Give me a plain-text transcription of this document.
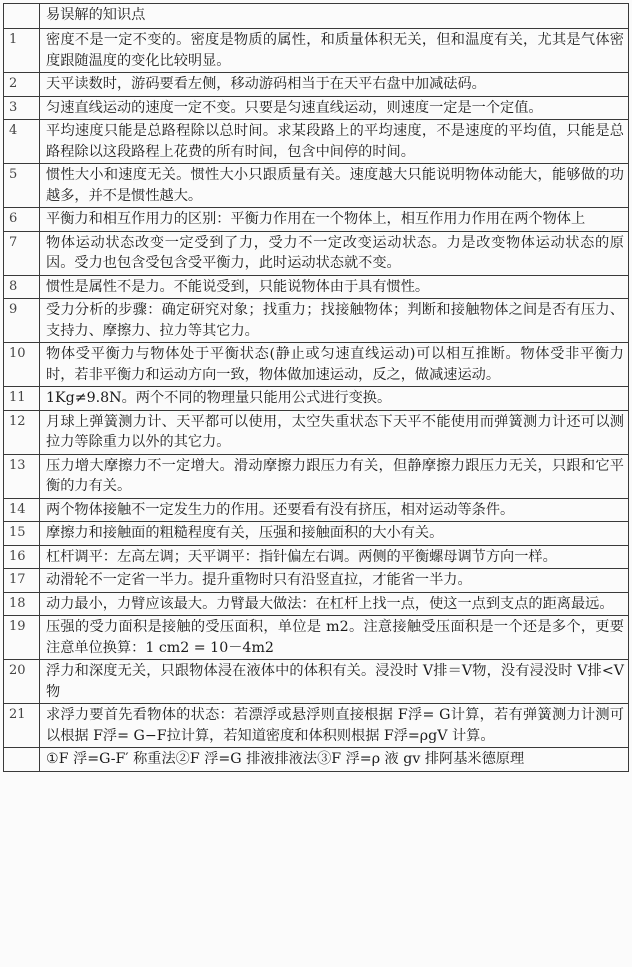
	易误解的知识点
1	密度不是一定不变的。密度是物质的属性，和质量体积无关，但和温度有关，尤其是气体密度跟随温度的变化比较明显。
2	天平读数时，游码要看左侧，移动游码相当于在天平右盘中加减砝码。
3	匀速直线运动的速度一定不变。只要是匀速直线运动，则速度一定是一个定值。
4	平均速度只能是总路程除以总时间。求某段路上的平均速度，不是速度的平均值，只能是总路程除以这段路程上花费的所有时间，包含中间停的时间。
5	惯性大小和速度无关。惯性大小只跟质量有关。速度越大只能说明物体动能大，能够做的功越多，并不是惯性越大。
6	平衡力和相互作用力的区别：平衡力作用在一个物体上，相互作用力作用在两个物体上
7	物体运动状态改变一定受到了力，受力不一定改变运动状态。力是改变物体运动状态的原因。受力也包含受包含受平衡力，此时运动状态就不变。
8	惯性是属性不是力。不能说受到，只能说物体由于具有惯性。
9	受力分析的步骤：确定研究对象；找重力；找接触物体；判断和接触物体之间是否有压力、支持力、摩擦力、拉力等其它力。
10	物体受平衡力与物体处于平衡状态(静止或匀速直线运动)可以相互推断。物体受非平衡力时，若非平衡力和运动方向一致，物体做加速运动，反之，做减速运动。
11	1Kg≠9.8N。两个不同的物理量只能用公式进行变换。
12	月球上弹簧测力计、天平都可以使用，太空失重状态下天平不能使用而弹簧测力计还可以测拉力等除重力以外的其它力。
13	压力增大摩擦力不一定增大。滑动摩擦力跟压力有关，但静摩擦力跟压力无关，只跟和它平衡的力有关。
14	两个物体接触不一定发生力的作用。还要看有没有挤压，相对运动等条件。
15	摩擦力和接触面的粗糙程度有关，压强和接触面积的大小有关。
16	杠杆调平：左高左调；天平调平：指针偏左右调。两侧的平衡螺母调节方向一样。
17	动滑轮不一定省一半力。提升重物时只有沿竖直拉，才能省一半力。
18	动力最小，力臂应该最大。力臂最大做法：在杠杆上找一点，使这一点到支点的距离最远。
19	压强的受力面积是接触的受压面积，单位是 m2。注意接触受压面积是一个还是多个，更要注意单位换算：1 cm2 = 10－4m2
20	浮力和深度无关，只跟物体浸在液体中的体积有关。浸没时 V排＝V物，没有浸没时 V排<V物
21	求浮力要首先看物体的状态：若漂浮或悬浮则直接根据 F浮= G计算，若有弹簧测力计测可以根据 F浮= G−F拉计算，若知道密度和体积则根据 F浮=ρgV 计算。
	①F 浮=G-F′ 称重法②F 浮=G 排液排液法③F 浮=ρ 液 gv 排阿基米德原理
